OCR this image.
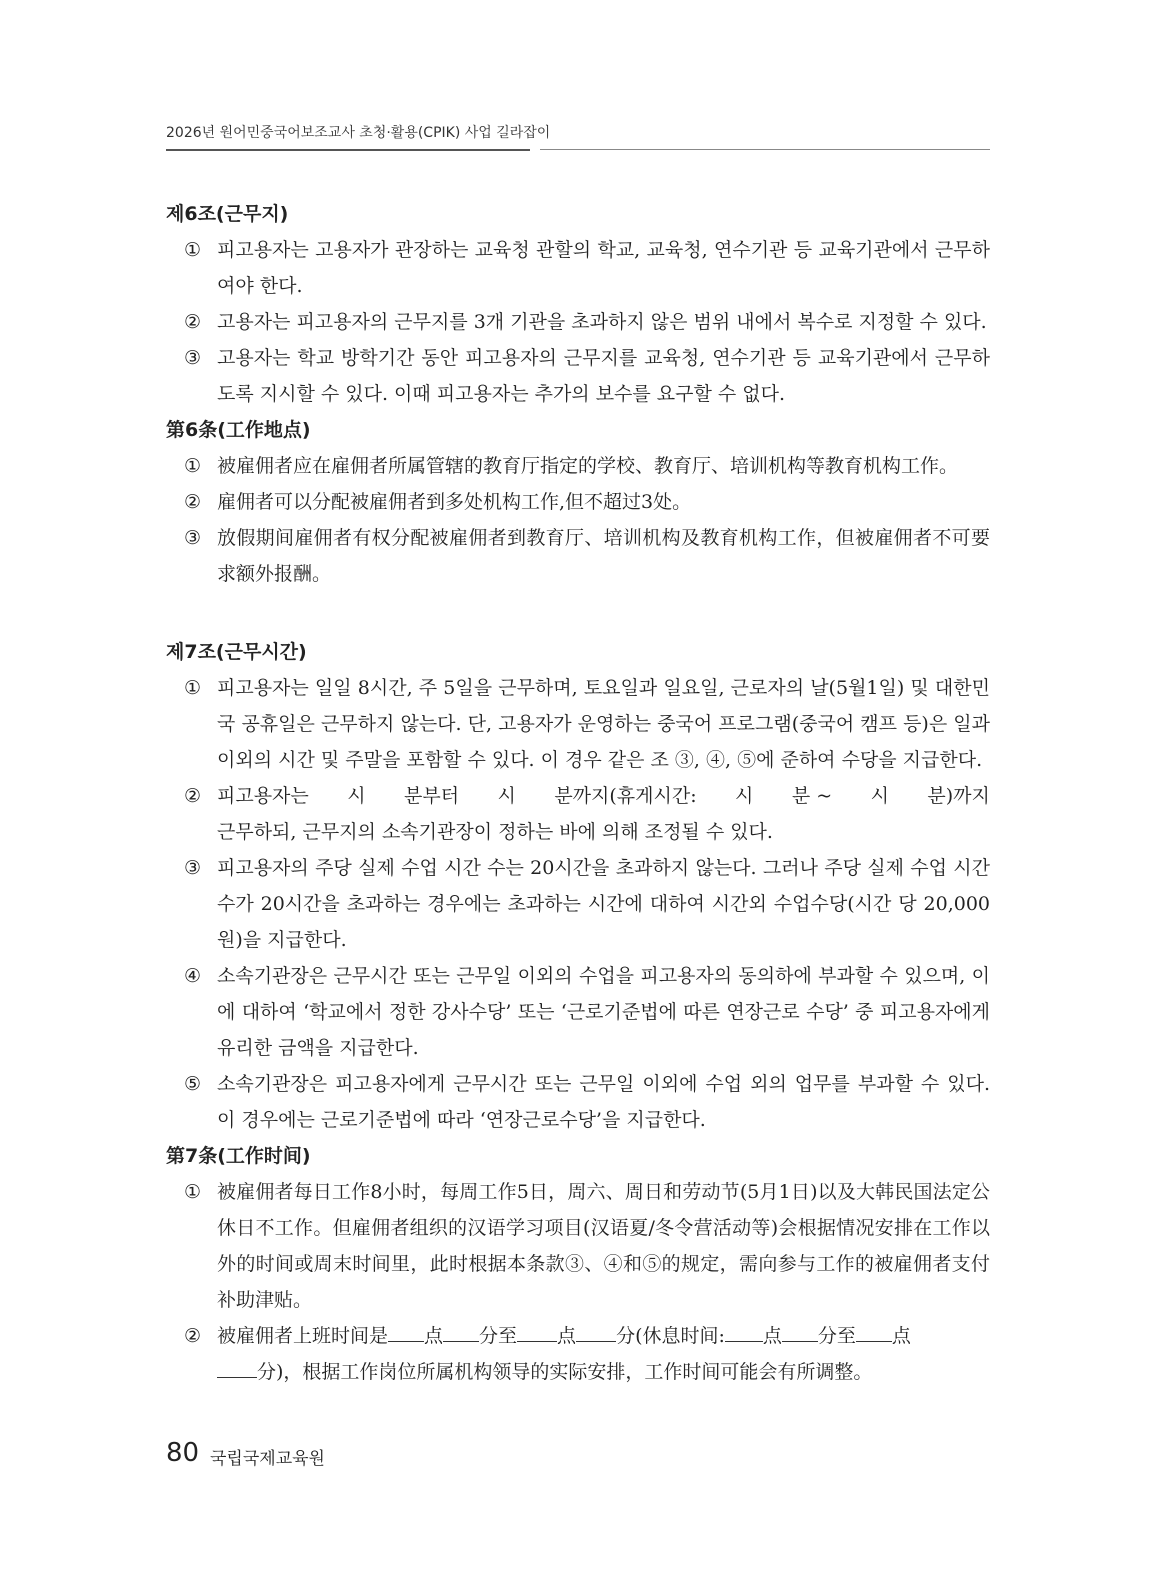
2026년 원어민중국어보조교사 초청·활용(CPIK) 사업 길라잡이
제6조(근무지)
① 피고용자는 고용자가 관장하는 교육청 관할의 학교, 교육청, 연수기관 등 교육기관에서 근무하여야 한다.
② 고용자는 피고용자의 근무지를 3개 기관을 초과하지 않은 범위 내에서 복수로 지정할 수 있다.
③ 고용자는 학교 방학기간 동안 피고용자의 근무지를 교육청, 연수기관 등 교육기관에서 근무하도록 지시할 수 있다. 이때 피고용자는 추가의 보수를 요구할 수 없다.
第6条(工作地点)
① 被雇佣者应在雇佣者所属管辖的教育厅指定的学校、教育厅、培训机构等教育机构工作。
② 雇佣者可以分配被雇佣者到多处机构工作,但不超过3处。
③ 放假期间雇佣者有权分配被雇佣者到教育厅、培训机构及教育机构工作，但被雇佣者不可要求额外报酬。
제7조(근무시간)
① 피고용자는 일일 8시간, 주 5일을 근무하며, 토요일과 일요일, 근로자의 날(5월1일) 및 대한민국 공휴일은 근무하지 않는다. 단, 고용자가 운영하는 중국어 프로그램(중국어 캠프 등)은 일과 이외의 시간 및 주말을 포함할 수 있다. 이 경우 같은 조 ③, ④, ⑤에 준하여 수당을 지급한다.
② 피고용자는 시 분부터 시 분까지(휴게시간: 시 분 ~ 시 분)까지
근무하되, 근무지의 소속기관장이 정하는 바에 의해 조정될 수 있다.
③ 피고용자의 주당 실제 수업 시간 수는 20시간을 초과하지 않는다. 그러나 주당 실제 수업 시간수가 20시간을 초과하는 경우에는 초과하는 시간에 대하여 시간외 수업수당(시간 당 20,000원)을 지급한다.
④ 소속기관장은 근무시간 또는 근무일 이외의 수업을 피고용자의 동의하에 부과할 수 있으며, 이에 대하여 ‘학교에서 정한 강사수당’ 또는 ‘근로기준법에 따른 연장근로 수당’ 중 피고용자에게 유리한 금액을 지급한다.
⑤ 소속기관장은 피고용자에게 근무시간 또는 근무일 이외에 수업 외의 업무를 부과할 수 있다. 이 경우에는 근로기준법에 따라 ‘연장근로수당’을 지급한다.
第7条(工作时间)
① 被雇佣者每日工作8小时，每周工作5日，周六、周日和劳动节(5月1日)以及大韩民国法定公休日不工作。但雇佣者组织的汉语学习项目(汉语夏/冬令营活动等)会根据情况安排在工作以外的时间或周末时间里，此时根据本条款③、④和⑤的规定，需向参与工作的被雇佣者支付补助津贴。
② 被雇佣者上班时间是 点 分至 点 分(休息时间: 点 分至 点
分)，根据工作岗位所属机构领导的实际安排，工作时间可能会有所调整。
80 국립국제교육원
